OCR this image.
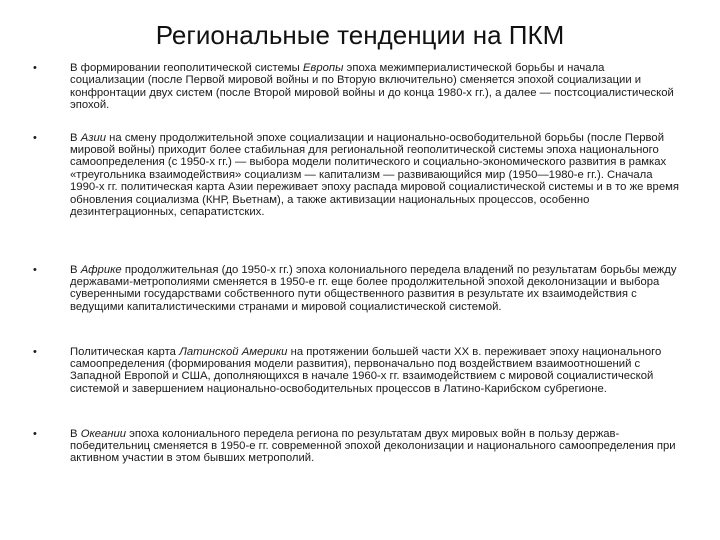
Региональные тенденции на ПКМ
•	В формировании геополитической системы Европы эпоха межимпериалистической борьбы и начала социализации (после Первой мировой войны и по Вторую включительно) сменяется эпохой социализации и конфронтации двух систем (после Второй мировой войны и до конца 1980-х гг.), а далее — постсоциалистической эпохой.
•	В Азии на смену продолжительной эпохе социализации и национально-освободительной борьбы (после Первой мировой войны) приходит более стабильная для региональной геополитической системы эпоха национального самоопределения (с 1950-х гг.) — выбора модели политического и социально-экономического развития в рамках «треугольника взаимодействия» социализм — капитализм — развивающийся мир (1950—1980-е гг.). Сначала 1990-х гг. политическая карта Азии переживает эпоху распада мировой социалистической системы и в то же время обновления социализма (КНР, Вьетнам), а также активизации национальных процессов, особенно дезинтеграционных, сепаратистских.
•	В Африке продолжительная (до 1950-х гг.) эпоха колониального передела владений по результатам борьбы между державами-метрополиями сменяется в 1950-е гг. еще более продолжительной эпохой деколонизации и выбора суверенными государствами собственного пути общественного развития в результате их взаимодействия с ведущими капиталистическими странами и мировой социалистической системой.
•	Политическая карта Латинской Америки на протяжении большей части XX в. переживает эпоху национального самоопределения (формирования модели развития), первоначально под воздействием взаимоотношений с Западной Европой и США, дополняющихся в начале 1960-х гг. взаимодействием с мировой социалистической системой и завершением национально-освободительных процессов в Латино-Карибском субрегионе.
•	В Океании эпоха колониального передела региона по результатам двух мировых войн в пользу держав-победительниц сменяется в 1950-е гг. современной эпохой деколонизации и национального самоопределения при активном участии в этом бывших метрополий.
